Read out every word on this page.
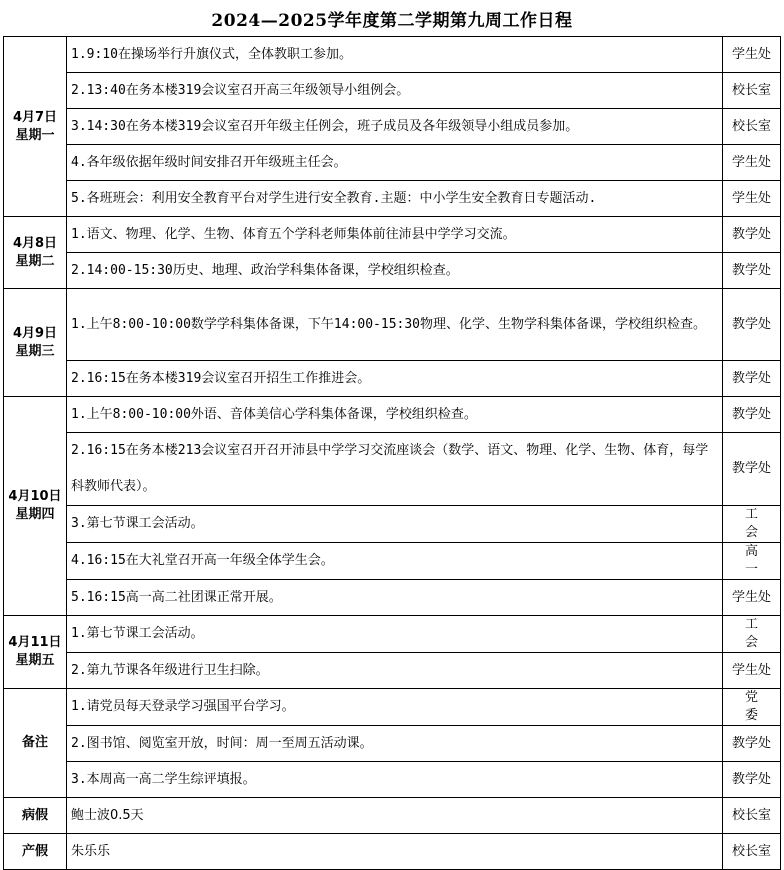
2024—2025学年度第二学期第九周工作日程
4月7日
星期一	1.9:10在操场举行升旗仪式，全体教职工参加。	学生处
	2.13:40在务本楼319会议室召开高三年级领导小组例会。	校长室
	3.14:30在务本楼319会议室召开年级主任例会，班子成员及各年级领导小组成员参加。	校长室
	4.各年级依据年级时间安排召开年级班主任会。	学生处
	5.各班班会：利用安全教育平台对学生进行安全教育.主题：中小学生安全教育日专题活动.	学生处

4月8日
星期二	1.语文、物理、化学、生物、体育五个学科老师集体前往沛县中学学习交流。	教学处
	2.14:00-15:30历史、地理、政治学科集体备课，学校组织检查。	教学处

4月9日
星期三	1.上午8:00-10:00数学学科集体备课，下午14:00-15:30物理、化学、生物学科集体备课，学校组织检查。	教学处
	2.16:15在务本楼319会议室召开招生工作推进会。	教学处

4月10日
星期四	1.上午8:00-10:00外语、音体美信心学科集体备课，学校组织检查。	教学处
	2.16:15在务本楼213会议室召开召开沛县中学学习交流座谈会（数学、语文、物理、化学、生物、体育，每学科教师代表）。	教学处
	3.第七节课工会活动。	工会
	4.16:15在大礼堂召开高一年级全体学生会。	高一
	5.16:15高一高二社团课正常开展。	学生处

4月11日
星期五	1.第七节课工会活动。	工会
	2.第九节课各年级进行卫生扫除。	学生处
备注	1.请党员每天登录学习强国平台学习。	党委
	2.图书馆、阅览室开放，时间：周一至周五活动课。	教学处
	3.本周高一高二学生综评填报。	教学处
病假	鲍士波0.5天	校长室
产假	朱乐乐	校长室
